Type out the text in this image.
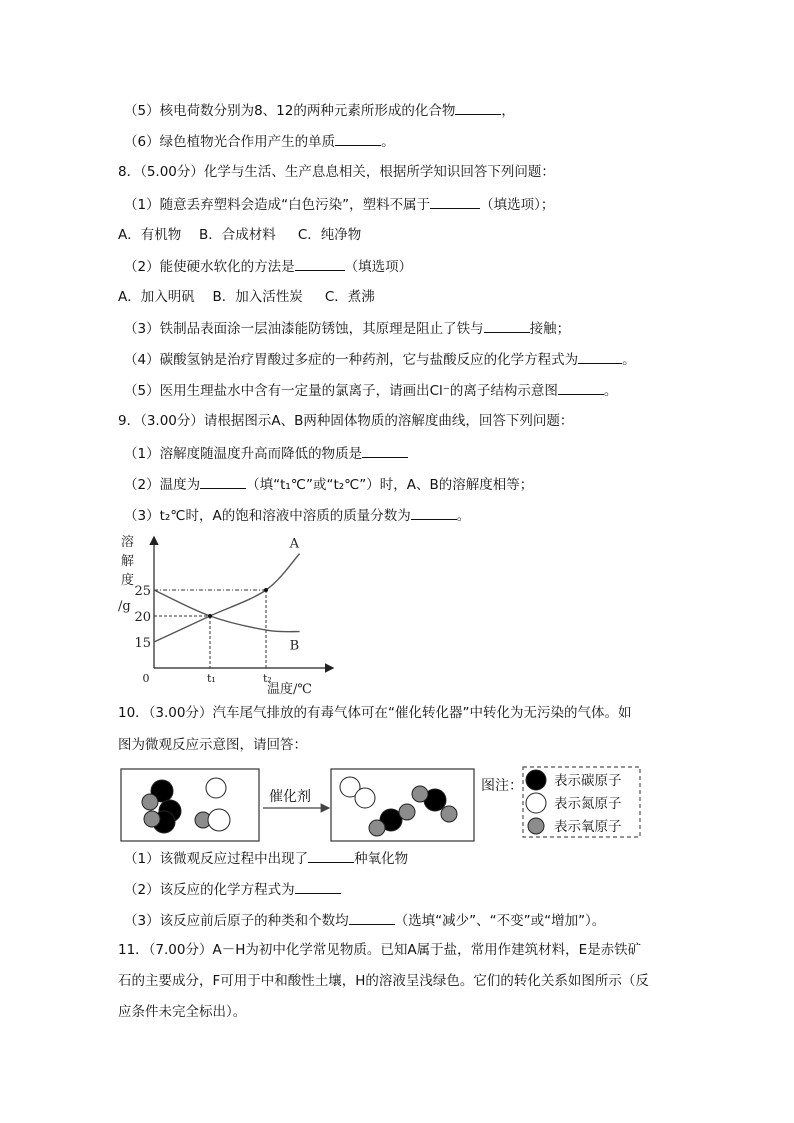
（5）核电荷数分别为8、12的两种元素所形成的化合物	，
（6）绿色植物光合作用产生的单质	。
8．（5.00分）化学与生活、生产息息相关，根据所学知识回答下列问题：
（1）随意丢弃塑料会造成“白色污染”，塑料不属于	（填选项）；
A．有机物　 B．合成材料 　 C．纯净物
（2）能使硬水软化的方法是	（填选项）
A．加入明矾　 B．加入活性炭 　 C．煮沸
（3）铁制品表面涂一层油漆能防锈蚀，其原理是阻止了铁与	接触；
（4）碳酸氢钠是治疗胃酸过多症的一种药剂，它与盐酸反应的化学方程式为	。
（5）医用生理盐水中含有一定量的氯离子，请画出Cl⁻的离子结构示意图	。
9．（3.00分）请根据图示A、B两种固体物质的溶解度曲线，回答下列问题：
（1）溶解度随温度升高而降低的物质是
（2）温度为	（填“t₁℃”或“t₂℃”）时，A、B的溶解度相等；
（3）t₂℃时，A的饱和溶液中溶质的质量分数为	。
10．（3.00分）汽车尾气排放的有毒气体可在“催化转化器”中转化为无污染的气体。如
图为微观反应示意图，请回答：
（1）该微观反应过程中出现了	种氧化物
（2）该反应的化学方程式为
（3）该反应前后原子的种类和个数均	（选填“减少”、“不变”或“增加”）。
11．（7.00分）A－H为初中化学常见物质。已知A属于盐，常用作建筑材料，E是赤铁矿
石的主要成分，F可用于中和酸性土壤，H的溶液呈浅绿色。它们的转化关系如图所示（反
应条件未完全标出）。
溶
解
度
/g
25
20
15
t₁	t₂
0
温度/℃
A
B
催化剂
图注： 表示碳原子
表示氮原子
表示氧原子
